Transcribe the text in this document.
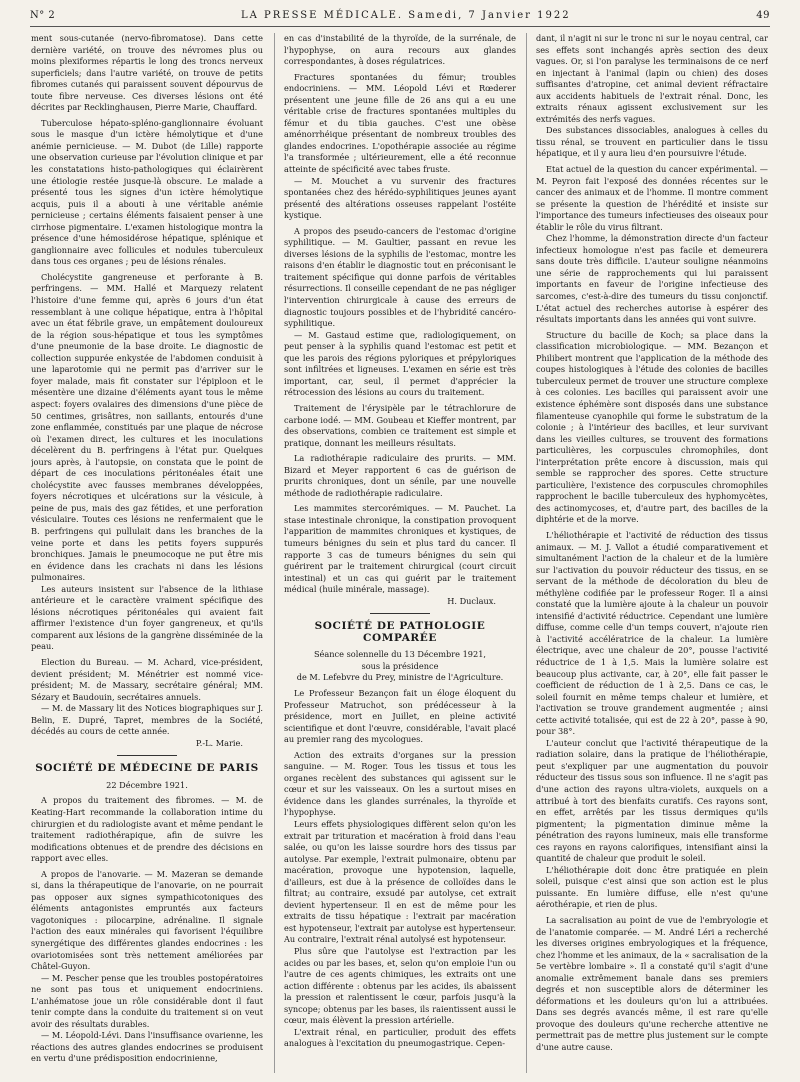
N° 2	LA PRESSE MÉDICALE. Samedi, 7 Janvier 1922	49

ment sous-cutanée (nervo-fibromatose). Dans cette dernière variété, on trouve des névromes plus ou moins plexiformes répartis le long des troncs nerveux superficiels; dans l'autre variété, on trouve de petits fibromes cutanés qui paraissent souvent dépourvus de toute fibre nerveuse. Ces diverses lésions ont été décrites par Recklinghausen, Pierre Marie, Chauffard.

Tuberculose hépato-spléno-ganglionnaire évoluant sous le masque d'un ictère hémolytique et d'une anémie pernicieuse. — M. Dubot (de Lille) rapporte une observation curieuse par l'évolution clinique et par les constatations histo-pathologiques qui éclairèrent une étiologie restée jusque-là obscure. Le malade a présenté tous les signes d'un ictère hémolytique acquis, puis il a abouti à une véritable anémie pernicieuse ; certains éléments faisaient penser à une cirrhose pigmentaire. L'examen histologique montra la présence d'une hémosidérose hépatique, splénique et ganglionnaire avec follicules et nodules tuberculeux dans tous ces organes ; peu de lésions rénales.

Cholécystite gangreneuse et perforante à B. perfringens. — MM. Hallé et Marquezy relatent l'histoire d'une femme qui, après 6 jours d'un état ressemblant à une colique hépatique, entra à l'hôpital avec un état fébrile grave, un empâtement douloureux de la région sous-hépatique et tous les symptômes d'une pneumonie de la base droite. Le diagnostic de collection suppurée enkystée de l'abdomen conduisit à une laparotomie qui ne permit pas d'arriver sur le foyer malade, mais fit constater sur l'épiploon et le mésentère une dizaine d'éléments ayant tous le même aspect: foyers ovalaires des dimensions d'une pièce de 50 centimes, grisâtres, non saillants, entourés d'une zone enflammée, constitués par une plaque de nécrose où l'examen direct, les cultures et les inoculations décelèrent du B. perfringens à l'état pur. Quelques jours après, à l'autopsie, on constata que le point de départ de ces inoculations péritonéales était une cholécystite avec fausses membranes développées, foyers nécrotiques et ulcérations sur la vésicule, à peine de pus, mais des gaz fétides, et une perforation vésiculaire. Toutes ces lésions ne renfermaient que le B. perfringens qui pullulait dans les branches de la veine porte et dans les petits foyers suppurés bronchiques. Jamais le pneumocoque ne put être mis en évidence dans les crachats ni dans les lésions pulmonaires.

Les auteurs insistent sur l'absence de la lithiase antérieure et le caractère vraiment spécifique des lésions nécrotiques péritonéales qui avaient fait affirmer l'existence d'un foyer gangreneux, et qu'ils comparent aux lésions de la gangrène disséminée de la peau.

Election du Bureau. — M. Achard, vice-président, devient président; M. Ménétrier est nommé vice-président; M. de Massary, secrétaire général; MM. Sézary et Baudouin, secrétaires annuels.

— M. de Massary lit des Notices biographiques sur J. Belin, E. Dupré, Tapret, membres de la Société, décédés au cours de cette année.

P.-L. Marie.

SOCIÉTÉ DE MÉDECINE DE PARIS

22 Décembre 1921.

A propos du traitement des fibromes. — M. de Keating-Hart recommande la collaboration intime du chirurgien et du radiologiste avant et même pendant le traitement radiothérapique, afin de suivre les modifications obtenues et de prendre des décisions en rapport avec elles.

A propos de l'anovarie. — M. Mazeran se demande si, dans la thérapeutique de l'anovarie, on ne pourrait pas opposer aux signes sympathicotoniques des éléments antagonistes empruntés aux facteurs vagotoniques : pilocarpine, adrénaline. Il signale l'action des eaux minérales qui favorisent l'équilibre synergétique des différentes glandes endocrines : les ovariotomisées sont très nettement améliorées par Châtel-Guyon.

— M. Pescher pense que les troubles postopératoires ne sont pas tous et uniquement endocriniens. L'anhématose joue un rôle considérable dont il faut tenir compte dans la conduite du traitement si on veut avoir des résultats durables.

— M. Léopold-Lévi. Dans l'insuffisance ovarienne, les réactions des autres glandes endocrines se produisent en vertu d'une prédisposition endocrinienne,

en cas d'instabilité de la thyroïde, de la surrénale, de l'hypophyse, on aura recours aux glandes correspondantes, à doses régulatrices.

Fractures spontanées du fémur; troubles endocriniens. — MM. Léopold Lévi et Rœderer présentent une jeune fille de 26 ans qui a eu une véritable crise de fractures spontanées multiples du fémur et du tibia gauches. C'est une obèse aménorrhéique présentant de nombreux troubles des glandes endocrines. L'opothérapie associée au régime l'a transformée ; ultérieurement, elle a été reconnue atteinte de spécificité avec tabes fruste.

— M. Mouchet a vu survenir des fractures spontanées chez des hérédo-syphilitiques jeunes ayant présenté des altérations osseuses rappelant l'ostéite kystique.

A propos des pseudo-cancers de l'estomac d'origine syphilitique. — M. Gaultier, passant en revue les diverses lésions de la syphilis de l'estomac, montre les raisons d'en établir le diagnostic tout en préconisant le traitement spécifique qui donne parfois de véritables résurrections. Il conseille cependant de ne pas négliger l'intervention chirurgicale à cause des erreurs de diagnostic toujours possibles et de l'hybridité cancéro-syphilitique.

— M. Gastaud estime que, radiologiquement, on peut penser à la syphilis quand l'estomac est petit et que les parois des régions pyloriques et prépyloriques sont infiltrées et ligneuses. L'examen en série est très important, car, seul, il permet d'apprécier la rétrocession des lésions au cours du traitement.

Traitement de l'érysipèle par le tétrachlorure de carbone iodé. — MM. Goubeau et Kieffer montrent, par des observations, combien ce traitement est simple et pratique, donnant les meilleurs résultats.

La radiothérapie radiculaire des prurits. — MM. Bizard et Meyer rapportent 6 cas de guérison de prurits chroniques, dont un sénile, par une nouvelle méthode de radiothérapie radiculaire.

Les mammites stercorémiques. — M. Pauchet. La stase intestinale chronique, la constipation provoquent l'apparition de mammites chroniques et kystiques, de tumeurs bénignes du sein et plus tard du cancer. Il rapporte 3 cas de tumeurs bénignes du sein qui guérirent par le traitement chirurgical (court circuit intestinal) et un cas qui guérit par le traitement médical (huile minérale, massage).

H. Duclaux.

SOCIÉTÉ DE PATHOLOGIE COMPARÉE

Séance solennelle du 13 Décembre 1921,

sous la présidence

de M. Lefebvre du Prey, ministre de l'Agriculture.

Le Professeur Bezançon fait un éloge éloquent du Professeur Matruchot, son prédécesseur à la présidence, mort en Juillet, en pleine activité scientifique et dont l'œuvre, considérable, l'avait placé au premier rang des mycologues.

Action des extraits d'organes sur la pression sanguine. — M. Roger. Tous les tissus et tous les organes recèlent des substances qui agissent sur le cœur et sur les vaisseaux. On les a surtout mises en évidence dans les glandes surrénales, la thyroïde et l'hypophyse.

Leurs effets physiologiques diffèrent selon qu'on les extrait par trituration et macération à froid dans l'eau salée, ou qu'on les laisse sourdre hors des tissus par autolyse. Par exemple, l'extrait pulmonaire, obtenu par macération, provoque une hypotension, laquelle, d'ailleurs, est due à la présence de colloïdes dans le filtrat; au contraire, exsudé par autolyse, cet extrait devient hypertenseur. Il en est de même pour les extraits de tissu hépatique : l'extrait par macération est hypotenseur, l'extrait par autolyse est hypertenseur. Au contraire, l'extrait rénal autolysé est hypotenseur.

Plus sûre que l'autolyse est l'extraction par les acides ou par les bases, et, selon qu'on emploie l'un ou l'autre de ces agents chimiques, les extraits ont une action différente : obtenus par les acides, ils abaissent la pression et ralentissent le cœur, parfois jusqu'à la syncope; obtenus par les bases, ils raientissent aussi le cœur, mais élèvent la pression artérielle.

L'extrait rénal, en particulier, produit des effets analogues à l'excitation du pneumogastrique. Cepen-

dant, il n'agit ni sur le tronc ni sur le noyau central, car ses effets sont inchangés après section des deux vagues. Or, si l'on paralyse les terminaisons de ce nerf en injectant à l'animal (lapin ou chien) des doses suffisantes d'atropine, cet animal devient réfractaire aux accidents habituels de l'extrait rénal. Donc, les extraits rénaux agissent exclusivement sur les extrémités des nerfs vagues.

Des substances dissociables, analogues à celles du tissu rénal, se trouvent en particulier dans le tissu hépatique, et il y aura lieu d'en poursuivre l'étude.

Etat actuel de la question du cancer expérimental. — M. Peyron fait l'exposé des données récentes sur le cancer des animaux et de l'homme. Il montre comment se présente la question de l'hérédité et insiste sur l'importance des tumeurs infectieuses des oiseaux pour établir le rôle du virus filtrant.

Chez l'homme, la démonstration directe d'un facteur infectieux homologue n'est pas facile et demeurera sans doute très difficile. L'auteur souligne néanmoins une série de rapprochements qui lui paraissent importants en faveur de l'origine infectieuse des sarcomes, c'est-à-dire des tumeurs du tissu conjonctif. L'état actuel des recherches autorise à espérer des résultats importants dans les années qui vont suivre.

Structure du bacille de Koch; sa place dans la classification microbiologique. — MM. Bezançon et Philibert montrent que l'application de la méthode des coupes histologiques à l'étude des colonies de bacilles tuberculeux permet de trouver une structure complexe à ces colonies. Les bacilles qui paraissent avoir une existence éphémère sont disposés dans une substance filamenteuse cyanophile qui forme le substratum de la colonie ; à l'intérieur des bacilles, et leur survivant dans les vieilles cultures, se trouvent des formations particulières, les corpuscules chromophiles, dont l'interprétation prête encore à discussion, mais qui semble se rapprocher des spores. Cette structure particulière, l'existence des corpuscules chromophiles rapprochent le bacille tuberculeux des hyphomycètes, des actinomycoses, et, d'autre part, des bacilles de la diphtérie et de la morve.

L'héliothérapie et l'activité de réduction des tissus animaux. — M. J. Vallot a étudié comparativement et simultanément l'action de la chaleur et de la lumière sur l'activation du pouvoir réducteur des tissus, en se servant de la méthode de décoloration du bleu de méthylène codifiée par le professeur Roger. Il a ainsi constaté que la lumière ajoute à la chaleur un pouvoir intensifié d'activité réductrice. Cependant une lumière diffuse, comme celle d'un temps couvert, n'ajoute rien à l'activité accélératrice de la chaleur. La lumière électrique, avec une chaleur de 20°, pousse l'activité réductrice de 1 à 1,5. Mais la lumière solaire est beaucoup plus activante, car, à 20°, elle fait passer le coefficient de réduction de 1 à 2,5. Dans ce cas, le soleil fournit en même temps chaleur et lumière, et l'activation se trouve grandement augmentée ; ainsi cette activité totalisée, qui est de 22 à 20°, passe à 90, pour 38°.

L'auteur conclut que l'activité thérapeutique de la radiation solaire, dans la pratique de l'héliothérapie, peut s'expliquer par une augmentation du pouvoir réducteur des tissus sous son influence. Il ne s'agit pas d'une action des rayons ultra-violets, auxquels on a attribué à tort des bienfaits curatifs. Ces rayons sont, en effet, arrêtés par les tissus dermiques qu'ils pigmentent; la pigmentation diminue même la pénétration des rayons lumineux, mais elle transforme ces rayons en rayons calorifiques, intensifiant ainsi la quantité de chaleur que produit le soleil.

L'héliothérapie doit donc être pratiquée en plein soleil, puisque c'est ainsi que son action est le plus puissante. En lumière diffuse, elle n'est qu'une aérothérapie, et rien de plus.

La sacralisation au point de vue de l'embryologie et de l'anatomie comparée. — M. André Léri a recherché les diverses origines embryologiques et la fréquence, chez l'homme et les animaux, de la « sacralisation de la 5e vertèbre lombaire ». Il a constaté qu'il s'agit d'une anomalie extrêmement banale dans ses premiers degrés et non susceptible alors de déterminer les déformations et les douleurs qu'on lui a attribuées. Dans ses degrés avancés même, il est rare qu'elle provoque des douleurs qu'une recherche attentive ne permettrait pas de mettre plus justement sur le compte d'une autre cause.
